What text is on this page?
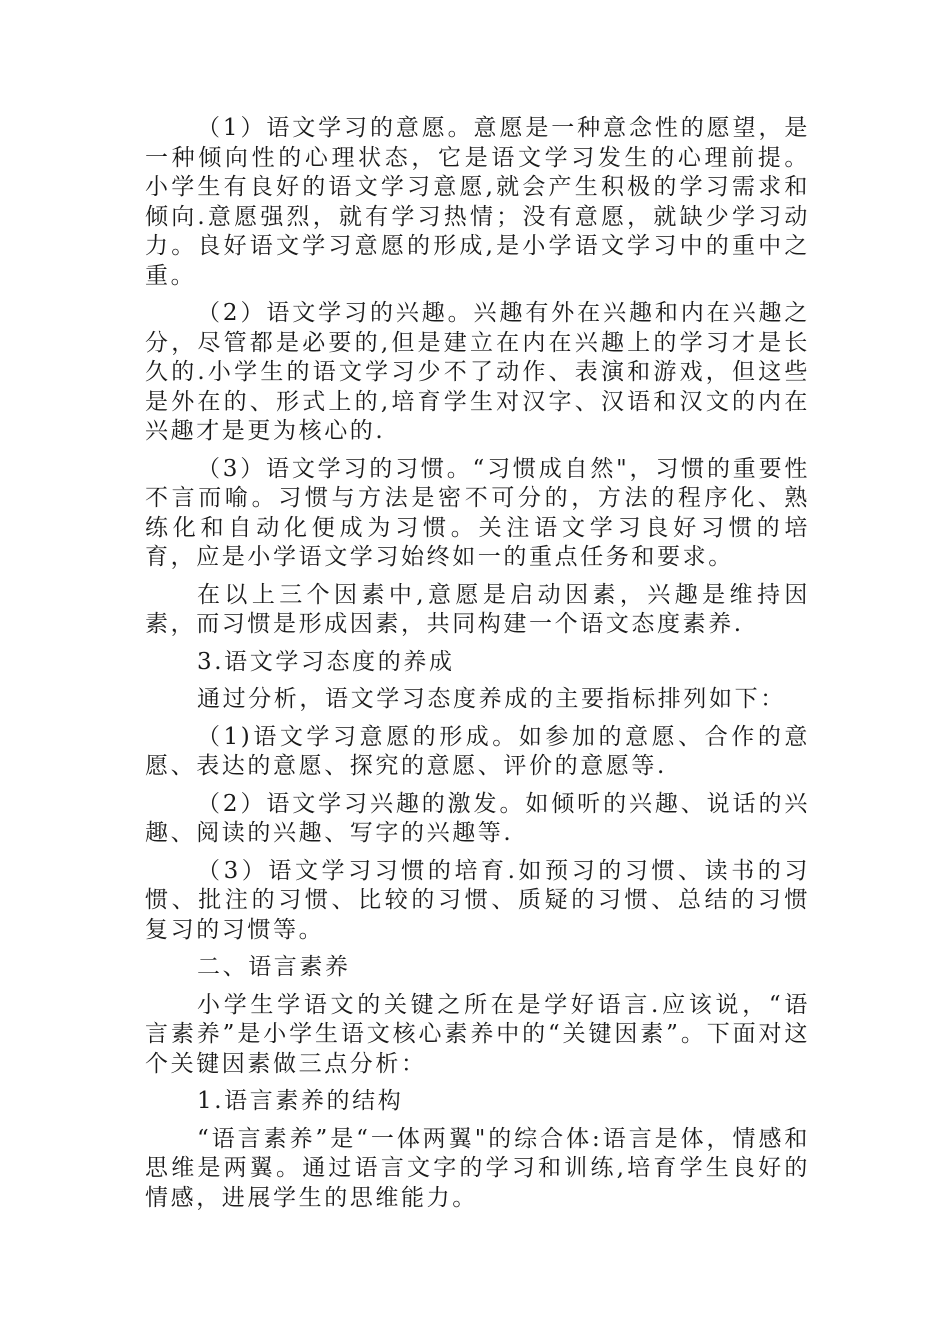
（1）语文学习的意愿。意愿是一种意念性的愿望，是一种倾向性的心理状态，它是语文学习发生的心理前提。小学生有良好的语文学习意愿,就会产生积极的学习需求和倾向.意愿强烈，就有学习热情；没有意愿，就缺少学习动力。良好语文学习意愿的形成,是小学语文学习中的重中之重。

（2）语文学习的兴趣。兴趣有外在兴趣和内在兴趣之分，尽管都是必要的,但是建立在内在兴趣上的学习才是长久的.小学生的语文学习少不了动作、表演和游戏，但这些是外在的、形式上的,培育学生对汉字、汉语和汉文的内在兴趣才是更为核心的.

（3）语文学习的习惯。“习惯成自然"，习惯的重要性不言而喻。习惯与方法是密不可分的，方法的程序化、熟练化和自动化便成为习惯。关注语文学习良好习惯的培育，应是小学语文学习始终如一的重点任务和要求。

在以上三个因素中,意愿是启动因素，兴趣是维持因素，而习惯是形成因素，共同构建一个语文态度素养.

3.语文学习态度的养成

通过分析，语文学习态度养成的主要指标排列如下：

（1)语文学习意愿的形成。如参加的意愿、合作的意愿、表达的意愿、探究的意愿、评价的意愿等.

（2）语文学习兴趣的激发。如倾听的兴趣、说话的兴趣、阅读的兴趣、写字的兴趣等.

（3）语文学习习惯的培育.如预习的习惯、读书的习惯、批注的习惯、比较的习惯、质疑的习惯、总结的习惯复习的习惯等。

二、语言素养

小学生学语文的关键之所在是学好语言.应该说，“语言素养”是小学生语文核心素养中的“关键因素”。下面对这个关键因素做三点分析：

1.语言素养的结构

“语言素养”是“一体两翼"的综合体:语言是体，情感和思维是两翼。通过语言文字的学习和训练,培育学生良好的情感，进展学生的思维能力。
